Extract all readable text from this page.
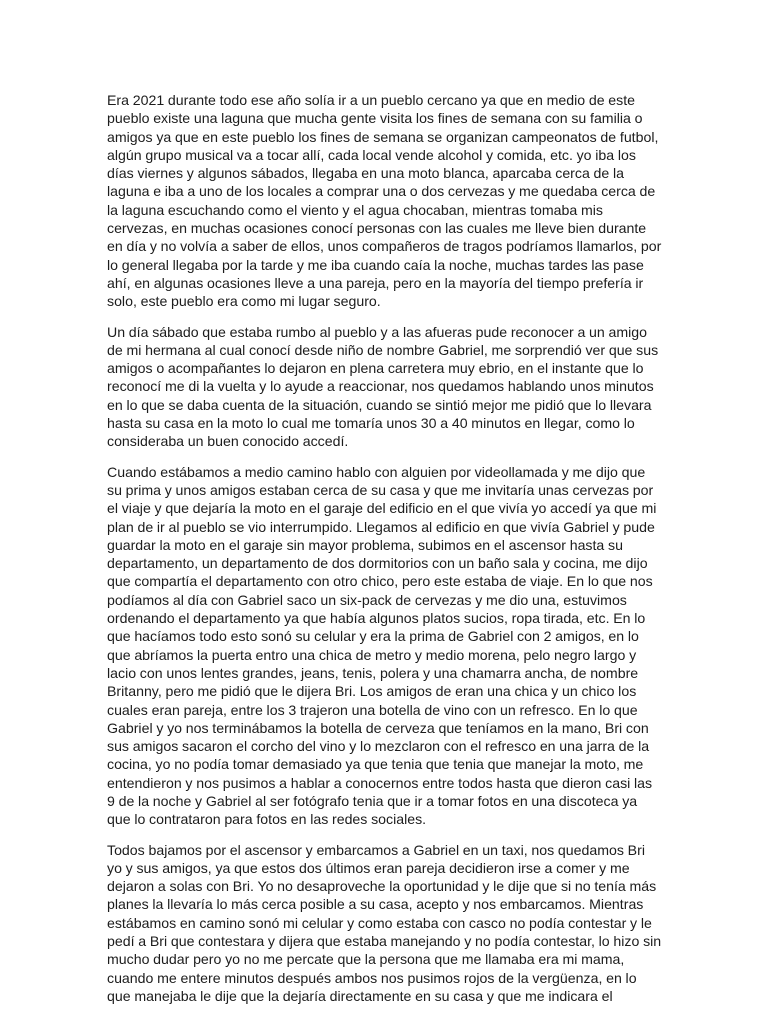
Era 2021 durante todo ese año solía ir a un pueblo cercano ya que en medio de este pueblo existe una laguna que mucha gente visita los fines de semana con su familia o amigos ya que en este pueblo los fines de semana se organizan campeonatos de futbol, algún grupo musical va a tocar allí, cada local vende alcohol y comida, etc. yo iba los días viernes y algunos sábados, llegaba en una moto blanca, aparcaba cerca de la laguna e iba a uno de los locales a comprar una o dos cervezas y me quedaba cerca de la laguna escuchando como el viento y el agua chocaban, mientras tomaba mis cervezas, en muchas ocasiones conocí personas con las cuales me lleve bien durante en día y no volvía a saber de ellos, unos compañeros de tragos podríamos llamarlos, por lo general llegaba por la tarde y me iba cuando caía la noche, muchas tardes las pase ahí, en algunas ocasiones lleve a una pareja, pero en la mayoría del tiempo prefería ir solo, este pueblo era como mi lugar seguro.

Un día sábado que estaba rumbo al pueblo y a las afueras pude reconocer a un amigo de mi hermana al cual conocí desde niño de nombre Gabriel, me sorprendió ver que sus amigos o acompañantes lo dejaron en plena carretera muy ebrio, en el instante que lo reconocí me di la vuelta y lo ayude a reaccionar, nos quedamos hablando unos minutos en lo que se daba cuenta de la situación, cuando se sintió mejor me pidió que lo llevara hasta su casa en la moto lo cual me tomaría unos 30 a 40 minutos en llegar, como lo consideraba un buen conocido accedí.

Cuando estábamos a medio camino hablo con alguien por videollamada y me dijo que su prima y unos amigos estaban cerca de su casa y que me invitaría unas cervezas por el viaje y que dejaría la moto en el garaje del edificio en el que vivía yo accedí ya que mi plan de ir al pueblo se vio interrumpido. Llegamos al edificio en que vivía Gabriel y pude guardar la moto en el garaje sin mayor problema, subimos en el ascensor hasta su departamento, un departamento de dos dormitorios con un baño sala y cocina, me dijo que compartía el departamento con otro chico, pero este estaba de viaje. En lo que nos podíamos al día con Gabriel saco un six-pack de cervezas y me dio una, estuvimos ordenando el departamento ya que había algunos platos sucios, ropa tirada, etc. En lo que hacíamos todo esto sonó su celular y era la prima de Gabriel con 2 amigos, en lo que abríamos la puerta entro una chica de metro y medio morena, pelo negro largo y lacio con unos lentes grandes, jeans, tenis, polera y una chamarra ancha, de nombre Britanny, pero me pidió que le dijera Bri. Los amigos de eran una chica y un chico los cuales eran pareja, entre los 3 trajeron una botella de vino con un refresco. En lo que Gabriel y yo nos terminábamos la botella de cerveza que teníamos en la mano, Bri con sus amigos sacaron el corcho del vino y lo mezclaron con el refresco en una jarra de la cocina, yo no podía tomar demasiado ya que tenia que tenia que manejar la moto, me entendieron y nos pusimos a hablar a conocernos entre todos hasta que dieron casi las 9 de la noche y Gabriel al ser fotógrafo tenia que ir a tomar fotos en una discoteca ya que lo contrataron para fotos en las redes sociales.

Todos bajamos por el ascensor y embarcamos a Gabriel en un taxi, nos quedamos Bri yo y sus amigos, ya que estos dos últimos eran pareja decidieron irse a comer y me dejaron a solas con Bri. Yo no desaproveche la oportunidad y le dije que si no tenía más planes la llevaría lo más cerca posible a su casa, acepto y nos embarcamos. Mientras estábamos en camino sonó mi celular y como estaba con casco no podía contestar y le pedí a Bri que contestara y dijera que estaba manejando y no podía contestar, lo hizo sin mucho dudar pero yo no me percate que la persona que me llamaba era mi mama, cuando me entere minutos después ambos nos pusimos rojos de la vergüenza, en lo que manejaba le dije que la dejaría directamente en su casa y que me indicara el
